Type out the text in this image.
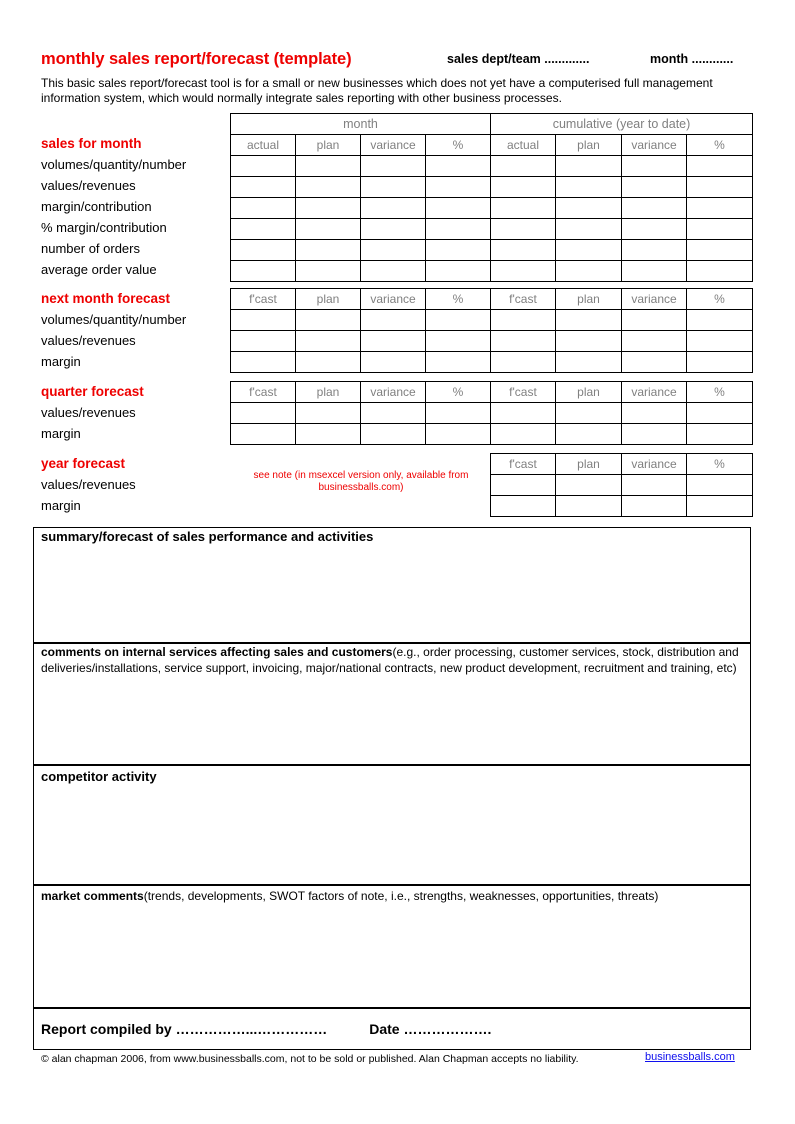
monthly sales report/forecast (template)	sales dept/team .............	month ............
This basic sales report/forecast tool is for a small or new businesses which does not yet have a computerised full management information system, which would normally integrate sales reporting with other business processes.
sales for month
volumes/quantity/number
values/revenues
margin/contribution
% margin/contribution
number of orders
average order value
month				cumulative (year to date)			
actual	plan	variance	%	actual	plan	variance	%

next month forecast
volumes/quantity/number
values/revenues
margin
f'cast	plan	variance	%	f'cast	plan	variance	%

quarter forecast
values/revenues
margin
f'cast	plan	variance	%	f'cast	plan	variance	%

year forecast
values/revenues
margin
see note (in msexcel version only, available from businessballs.com)
f'cast	plan	variance	%

summary/forecast of sales performance and activities
comments on internal services affecting sales and customers(e.g., order processing, customer services, stock, distribution and deliveries/installations, service support, invoicing, major/national contracts, new product development, recruitment and training, etc)
competitor activity
market comments(trends, developments, SWOT factors of note, i.e., strengths, weaknesses, opportunities, threats)
Report compiled by ……………...……………	Date ……………….
© alan chapman 2006, from www.businessballs.com, not to be sold or published. Alan Chapman accepts no liability.	businessballs.com
